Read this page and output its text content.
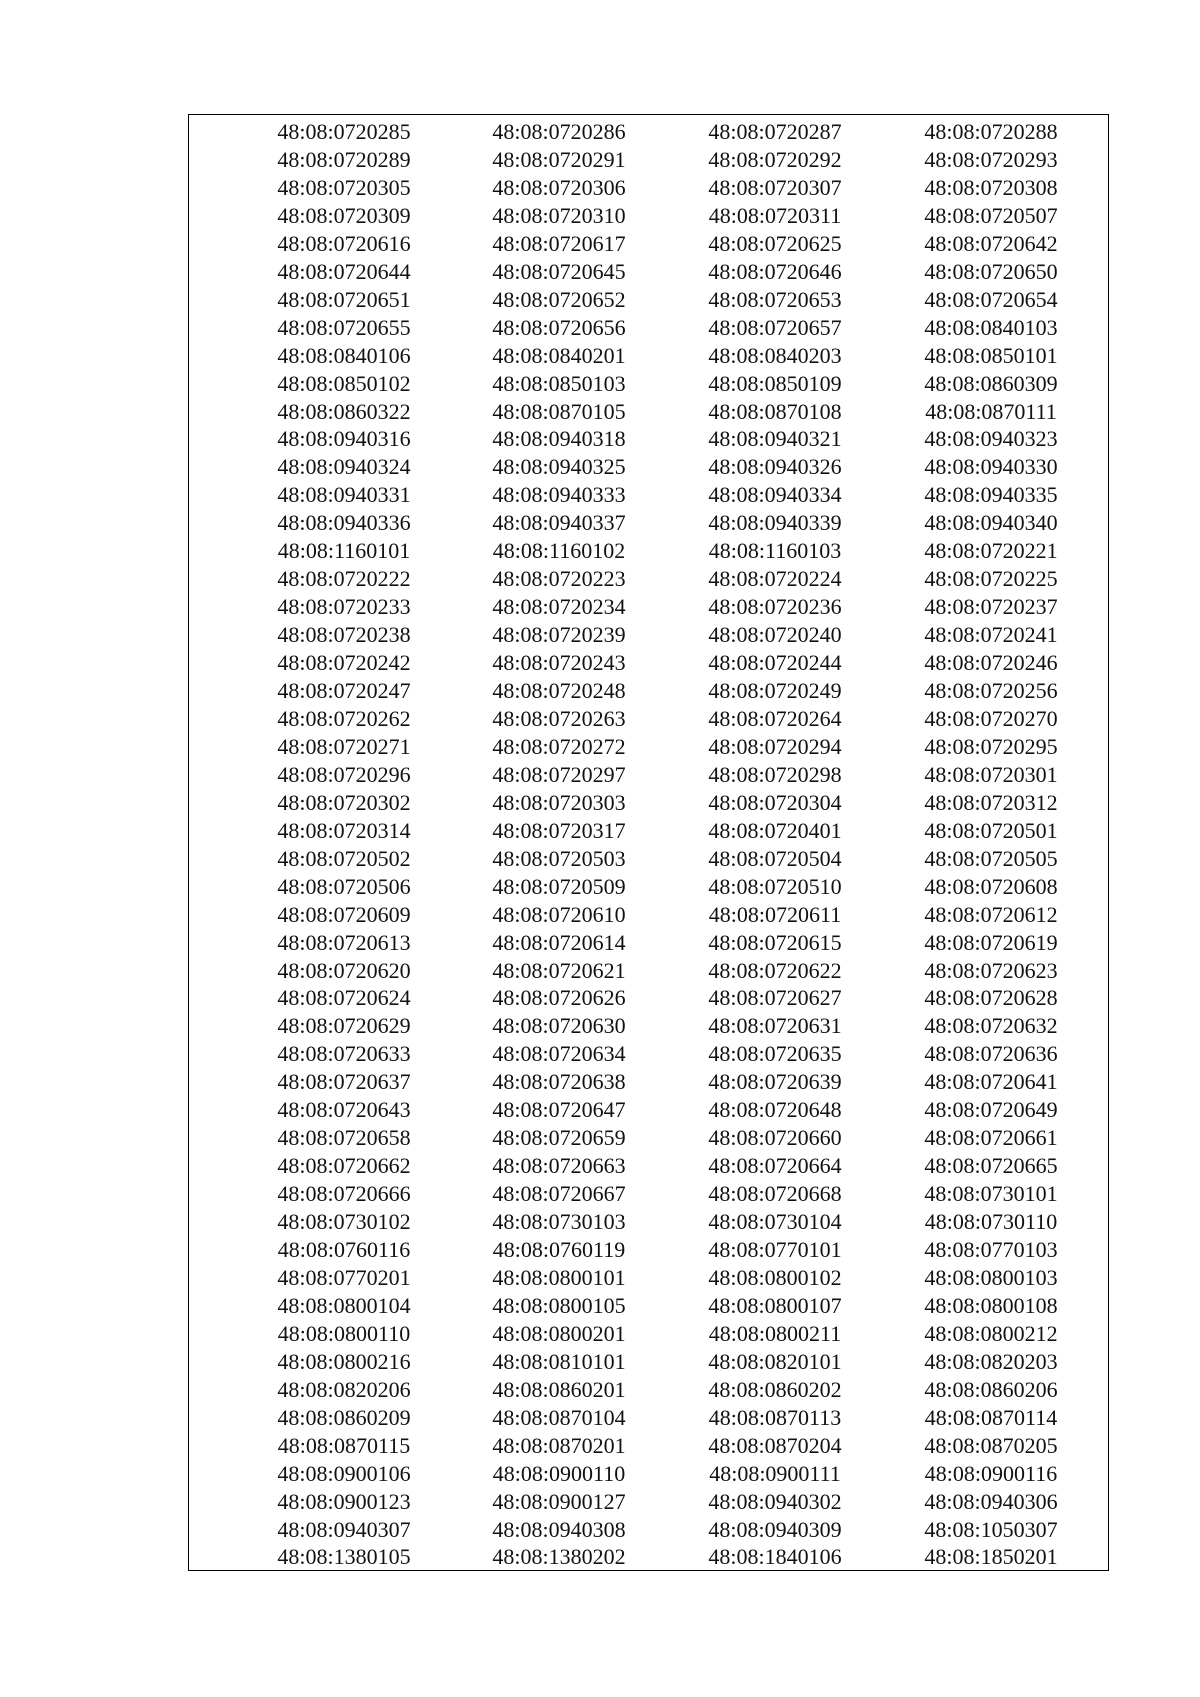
48:08:0720285	48:08:0720286	48:08:0720287	48:08:0720288
48:08:0720289	48:08:0720291	48:08:0720292	48:08:0720293
48:08:0720305	48:08:0720306	48:08:0720307	48:08:0720308
48:08:0720309	48:08:0720310	48:08:0720311	48:08:0720507
48:08:0720616	48:08:0720617	48:08:0720625	48:08:0720642
48:08:0720644	48:08:0720645	48:08:0720646	48:08:0720650
48:08:0720651	48:08:0720652	48:08:0720653	48:08:0720654
48:08:0720655	48:08:0720656	48:08:0720657	48:08:0840103
48:08:0840106	48:08:0840201	48:08:0840203	48:08:0850101
48:08:0850102	48:08:0850103	48:08:0850109	48:08:0860309
48:08:0860322	48:08:0870105	48:08:0870108	48:08:0870111
48:08:0940316	48:08:0940318	48:08:0940321	48:08:0940323
48:08:0940324	48:08:0940325	48:08:0940326	48:08:0940330
48:08:0940331	48:08:0940333	48:08:0940334	48:08:0940335
48:08:0940336	48:08:0940337	48:08:0940339	48:08:0940340
48:08:1160101	48:08:1160102	48:08:1160103	48:08:0720221
48:08:0720222	48:08:0720223	48:08:0720224	48:08:0720225
48:08:0720233	48:08:0720234	48:08:0720236	48:08:0720237
48:08:0720238	48:08:0720239	48:08:0720240	48:08:0720241
48:08:0720242	48:08:0720243	48:08:0720244	48:08:0720246
48:08:0720247	48:08:0720248	48:08:0720249	48:08:0720256
48:08:0720262	48:08:0720263	48:08:0720264	48:08:0720270
48:08:0720271	48:08:0720272	48:08:0720294	48:08:0720295
48:08:0720296	48:08:0720297	48:08:0720298	48:08:0720301
48:08:0720302	48:08:0720303	48:08:0720304	48:08:0720312
48:08:0720314	48:08:0720317	48:08:0720401	48:08:0720501
48:08:0720502	48:08:0720503	48:08:0720504	48:08:0720505
48:08:0720506	48:08:0720509	48:08:0720510	48:08:0720608
48:08:0720609	48:08:0720610	48:08:0720611	48:08:0720612
48:08:0720613	48:08:0720614	48:08:0720615	48:08:0720619
48:08:0720620	48:08:0720621	48:08:0720622	48:08:0720623
48:08:0720624	48:08:0720626	48:08:0720627	48:08:0720628
48:08:0720629	48:08:0720630	48:08:0720631	48:08:0720632
48:08:0720633	48:08:0720634	48:08:0720635	48:08:0720636
48:08:0720637	48:08:0720638	48:08:0720639	48:08:0720641
48:08:0720643	48:08:0720647	48:08:0720648	48:08:0720649
48:08:0720658	48:08:0720659	48:08:0720660	48:08:0720661
48:08:0720662	48:08:0720663	48:08:0720664	48:08:0720665
48:08:0720666	48:08:0720667	48:08:0720668	48:08:0730101
48:08:0730102	48:08:0730103	48:08:0730104	48:08:0730110
48:08:0760116	48:08:0760119	48:08:0770101	48:08:0770103
48:08:0770201	48:08:0800101	48:08:0800102	48:08:0800103
48:08:0800104	48:08:0800105	48:08:0800107	48:08:0800108
48:08:0800110	48:08:0800201	48:08:0800211	48:08:0800212
48:08:0800216	48:08:0810101	48:08:0820101	48:08:0820203
48:08:0820206	48:08:0860201	48:08:0860202	48:08:0860206
48:08:0860209	48:08:0870104	48:08:0870113	48:08:0870114
48:08:0870115	48:08:0870201	48:08:0870204	48:08:0870205
48:08:0900106	48:08:0900110	48:08:0900111	48:08:0900116
48:08:0900123	48:08:0900127	48:08:0940302	48:08:0940306
48:08:0940307	48:08:0940308	48:08:0940309	48:08:1050307
48:08:1380105	48:08:1380202	48:08:1840106	48:08:1850201
